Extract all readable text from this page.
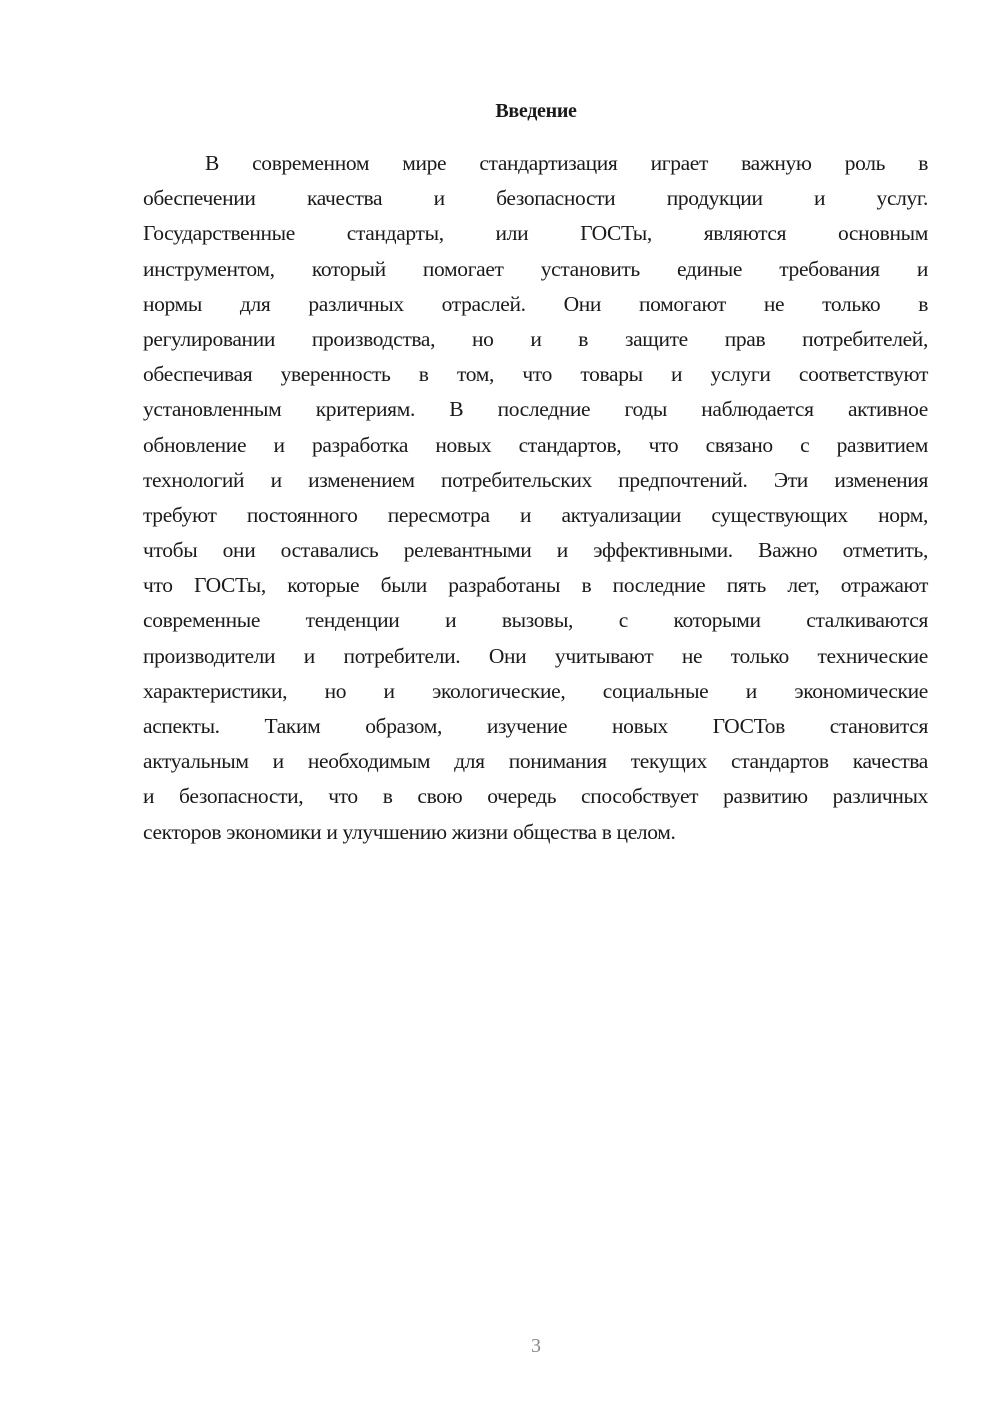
Введение
В современном мире стандартизация играет важную роль в
обеспечении качества и безопасности продукции и услуг.
Государственные стандарты, или ГОСТы, являются основным
инструментом, который помогает установить единые требования и
нормы для различных отраслей. Они помогают не только в
регулировании производства, но и в защите прав потребителей,
обеспечивая уверенность в том, что товары и услуги соответствуют
установленным критериям. В последние годы наблюдается активное
обновление и разработка новых стандартов, что связано с развитием
технологий и изменением потребительских предпочтений. Эти изменения
требуют постоянного пересмотра и актуализации существующих норм,
чтобы они оставались релевантными и эффективными. Важно отметить,
что ГОСТы, которые были разработаны в последние пять лет, отражают
современные тенденции и вызовы, с которыми сталкиваются
производители и потребители. Они учитывают не только технические
характеристики, но и экологические, социальные и экономические
аспекты. Таким образом, изучение новых ГОСТов становится
актуальным и необходимым для понимания текущих стандартов качества
и безопасности, что в свою очередь способствует развитию различных
секторов экономики и улучшению жизни общества в целом.
3
